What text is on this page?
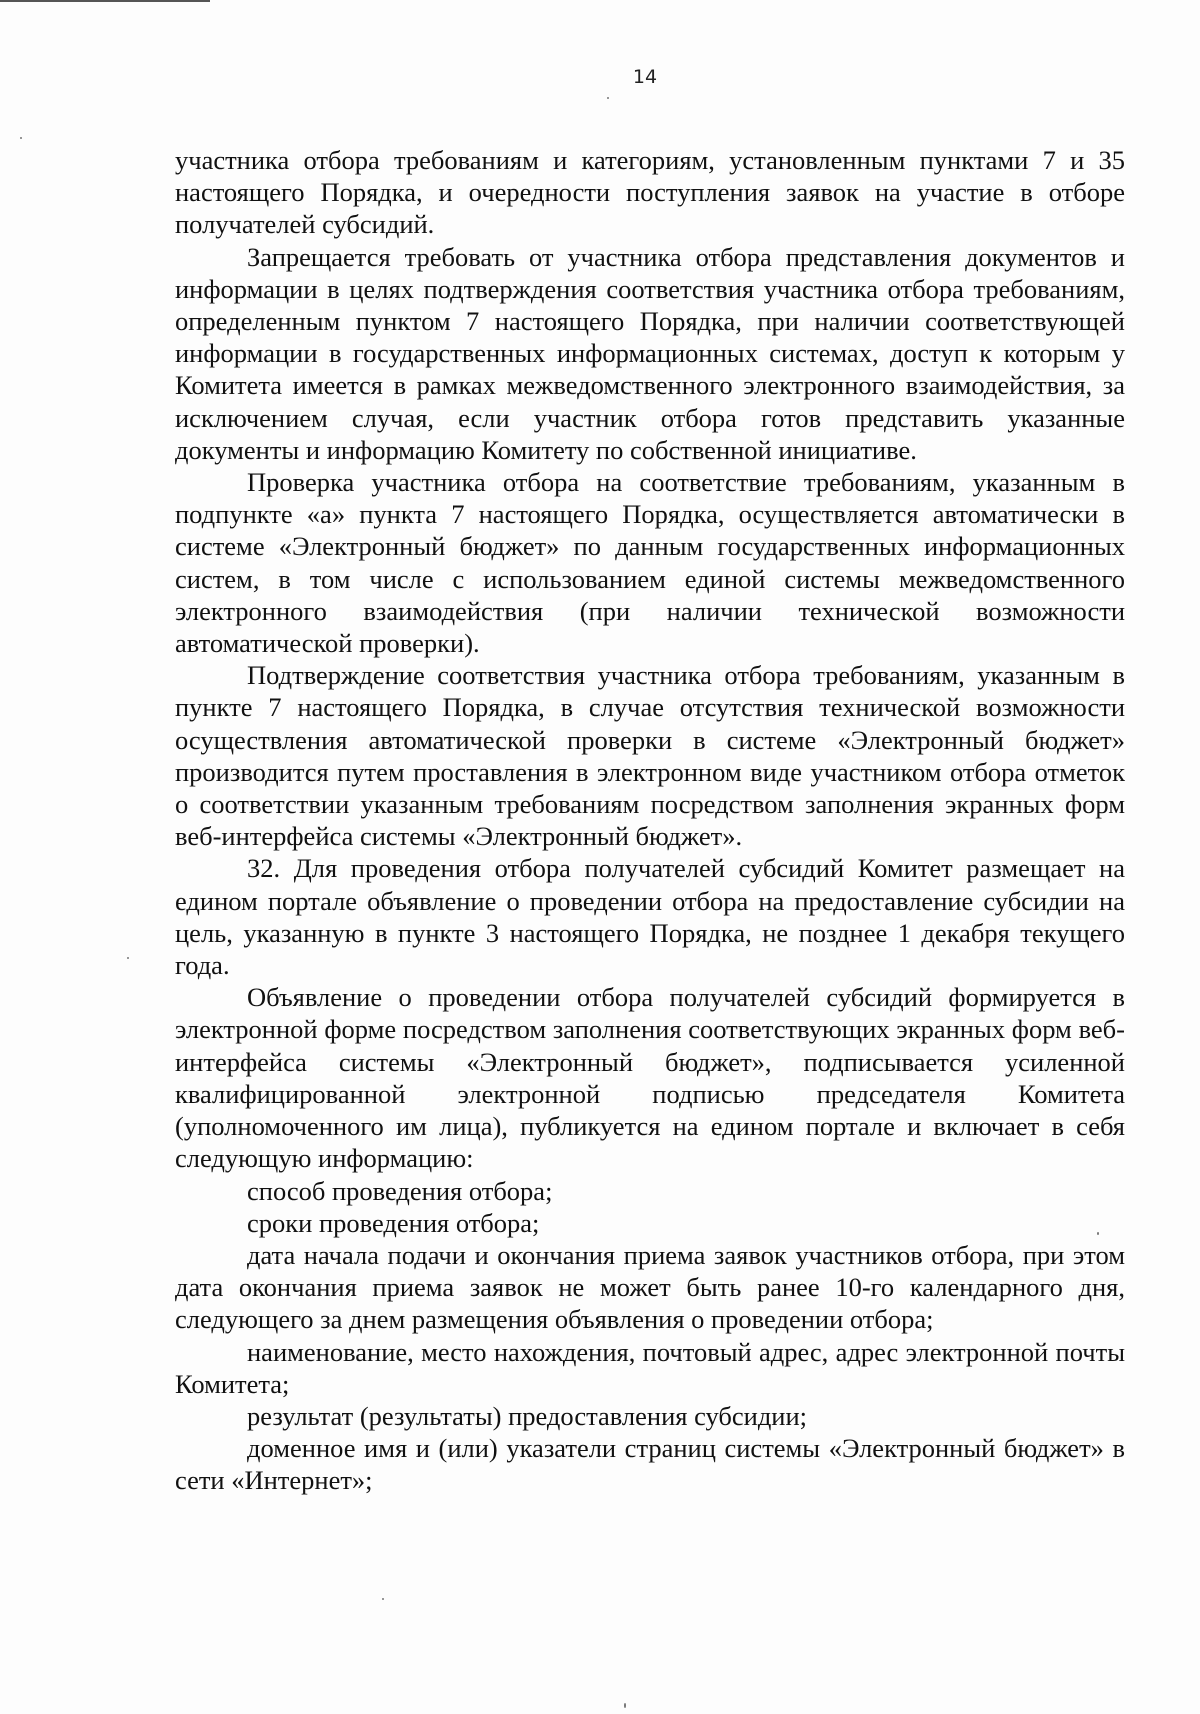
14

участника отбора требованиям и категориям, установленным пунктами 7 и 35 настоящего Порядка, и очередности поступления заявок на участие в отборе получателей субсидий.

Запрещается требовать от участника отбора представления документов и информации в целях подтверждения соответствия участника отбора требованиям, определенным пунктом 7 настоящего Порядка, при наличии соответствующей информации в государственных информационных системах, доступ к которым у Комитета имеется в рамках межведомственного электронного взаимодействия, за исключением случая, если участник отбора готов представить указанные документы и информацию Комитету по собственной инициативе.

Проверка участника отбора на соответствие требованиям, указанным в подпункте «а» пункта 7 настоящего Порядка, осуществляется автоматически в системе «Электронный бюджет» по данным государственных информационных систем, в том числе с использованием единой системы межведомственного электронного взаимодействия (при наличии технической возможности автоматической проверки).

Подтверждение соответствия участника отбора требованиям, указанным в пункте 7 настоящего Порядка, в случае отсутствия технической возможности осуществления автоматической проверки в системе «Электронный бюджет» производится путем проставления в электронном виде участником отбора отметок о соответствии указанным требованиям посредством заполнения экранных форм веб-интерфейса системы «Электронный бюджет».

32. Для проведения отбора получателей субсидий Комитет размещает на едином портале объявление о проведении отбора на предоставление субсидии на цель, указанную в пункте 3 настоящего Порядка, не позднее 1 декабря текущего года.

Объявление о проведении отбора получателей субсидий формируется в электронной форме посредством заполнения соответствующих экранных форм веб-интерфейса системы «Электронный бюджет», подписывается усиленной квалифицированной электронной подписью председателя Комитета (уполномоченного им лица), публикуется на едином портале и включает в себя следующую информацию:

способ проведения отбора;

сроки проведения отбора;

дата начала подачи и окончания приема заявок участников отбора, при этом дата окончания приема заявок не может быть ранее 10-го календарного дня, следующего за днем размещения объявления о проведении отбора;

наименование, место нахождения, почтовый адрес, адрес электронной почты Комитета;

результат (результаты) предоставления субсидии;

доменное имя и (или) указатели страниц системы «Электронный бюджет» в сети «Интернет»;
